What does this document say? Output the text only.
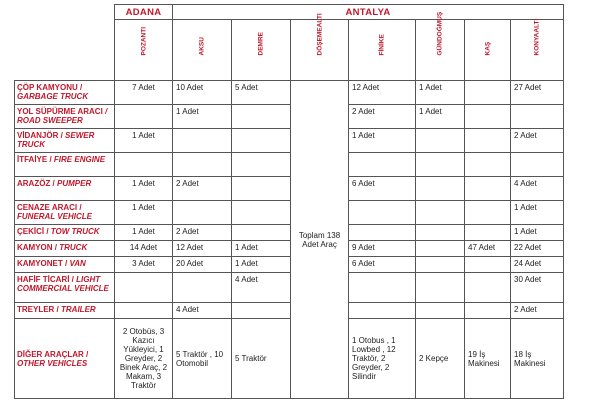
	ADANA	ANTALYA						

	POZANTI	AKSU	DEMRE	DÖŞEMEALTI	FİNİKE	GÜNDOĞMUŞ	KAŞ	KONYAALTI

ÇÖP KAMYONU / GARBAGE TRUCK	7 Adet	10 Adet	5 Adet	Toplam 138 Adet Araç	12 Adet	1 Adet		27 Adet
YOL SÜPÜRME ARACI / ROAD SWEEPER		1 Adet			2 Adet	1 Adet		
VİDANJÖR / SEWER TRUCK	1 Adet				1 Adet			2 Adet
İTFAİYE / FIRE ENGINE								
ARAZÖZ / PUMPER	1 Adet	2 Adet			6 Adet			4 Adet
CENAZE ARACI / FUNERAL VEHICLE	1 Adet							1 Adet
ÇEKİCİ / TOW TRUCK	1 Adet	2 Adet						1 Adet
KAMYON / TRUCK	14 Adet	12 Adet	1 Adet		9 Adet		47 Adet	22 Adet
KAMYONET / VAN	3 Adet	20 Adet	1 Adet		6 Adet			24 Adet
HAFİF TİCARİ / LIGHT COMMERCIAL VEHICLE			4 Adet					30 Adet
TREYLER / TRAILER		4 Adet						2 Adet
DİĞER ARAÇLAR / OTHER VEHICLES	2 Otobüs, 3 Kazıcı Yükleyici, 1 Greyder, 2 Binek Araç, 2 Makam, 3 Traktör	5 Traktör , 10 Otomobil	5 Traktör		1 Otobus , 1 Lowbed , 12 Traktör, 2 Greyder, 2 Silindir	2 Kepçe	19 İş Makinesi	18 İş Makinesi
